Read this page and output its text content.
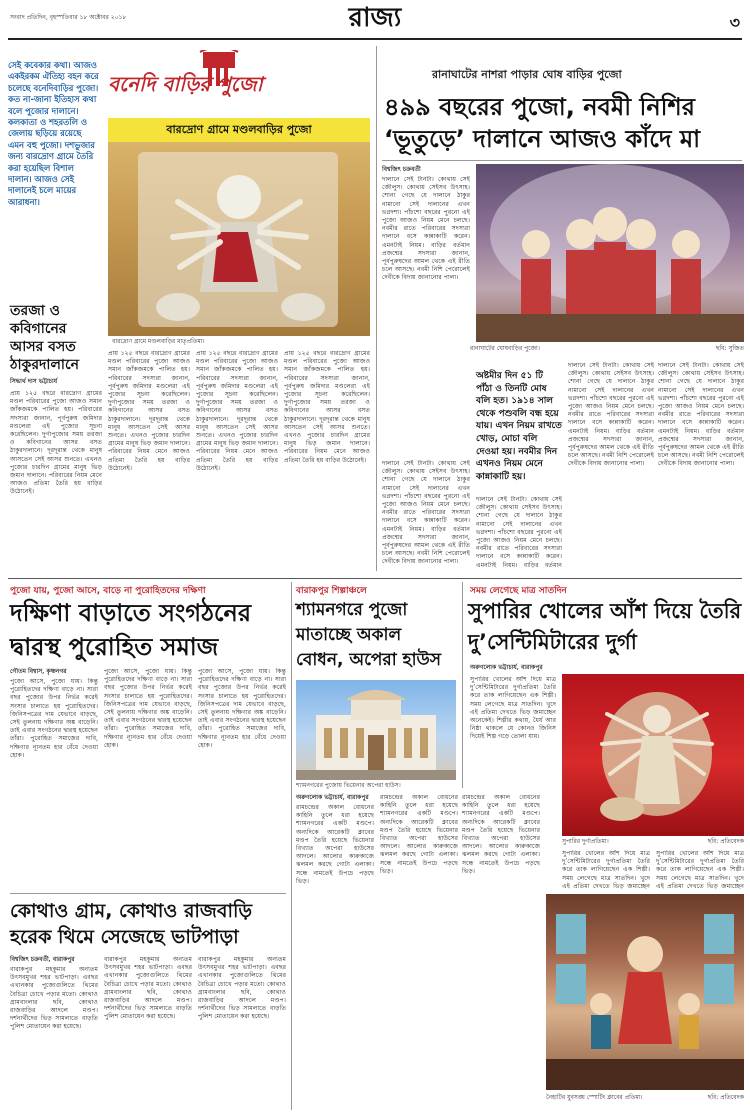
সংবাদ প্রতিদিন, বৃহস্পতিবার ১৮ অক্টোবর ২০১৮	রাজ্য	৩
বনেদি বাড়ির পুজো
সেই কবেকার কথা। আজও একইরকম ঐতিহ্য বহন করে চলেছে বনেদিবাড়ির পুজো। কত না-জানা ইতিহাস কথা বলে পুজোর দালানে। কলকাতা ও শহরতলি ও জেলায় ছড়িয়ে রয়েছে এমন বহু পুজো। দশভুজার জন্য বারদ্রোণ গ্রামে তৈরি করা হয়েছিল বিশাল দালান। আজও সেই দালানেই চলে মায়ের আরাধনা।
বারদ্রোণ গ্রামে মণ্ডলবাড়ির পুজো
বারদ্রোণ গ্রামে মণ্ডলবাড়ির মাতৃপ্রতিমা।
তরজা ও কবিগানের আসর বসত ঠাকুরদালানে
সিদ্ধার্থ দাস ভট্টাচার্য

প্রায় ১২৫ বছরে বারদ্রোণ গ্রামের মণ্ডল পরিবারের পুজো আজও সমান জাঁকজমকে পালিত হয়। পরিবারের সদস্যরা জানান, পূর্বপুরুষ জমিদার মণ্ডলেরা এই পুজোর সূচনা করেছিলেন। দুর্গাপুজোর সময় তরজা ও কবিগানের আসর বসত ঠাকুরদালানে। দূরদূরান্ত থেকে মানুষ আসতেন সেই আসর শুনতে। এখনও পুজোর চারদিন গ্রামের মানুষ ভিড় জমান দালানে। পরিবারের নিয়ম মেনে আজও প্রতিমা তৈরি হয় বাড়ির উঠোনেই।

প্রায় ১২৫ বছরে বারদ্রোণ গ্রামের মণ্ডল পরিবারের পুজো আজও সমান জাঁকজমকে পালিত হয়। পরিবারের সদস্যরা জানান, পূর্বপুরুষ জমিদার মণ্ডলেরা এই পুজোর সূচনা করেছিলেন। দুর্গাপুজোর সময় তরজা ও কবিগানের আসর বসত ঠাকুরদালানে। দূরদূরান্ত থেকে মানুষ আসতেন সেই আসর শুনতে। এখনও পুজোর চারদিন গ্রামের মানুষ ভিড় জমান দালানে। পরিবারের নিয়ম মেনে আজও প্রতিমা তৈরি হয় বাড়ির উঠোনেই।

প্রায় ১২৫ বছরে বারদ্রোণ গ্রামের মণ্ডল পরিবারের পুজো আজও সমান জাঁকজমকে পালিত হয়। পরিবারের সদস্যরা জানান, পূর্বপুরুষ জমিদার মণ্ডলেরা এই পুজোর সূচনা করেছিলেন। দুর্গাপুজোর সময় তরজা ও কবিগানের আসর বসত ঠাকুরদালানে। দূরদূরান্ত থেকে মানুষ আসতেন সেই আসর শুনতে। এখনও পুজোর চারদিন গ্রামের মানুষ ভিড় জমান দালানে। পরিবারের নিয়ম মেনে আজও প্রতিমা তৈরি হয় বাড়ির উঠোনেই।

প্রায় ১২৫ বছরে বারদ্রোণ গ্রামের মণ্ডল পরিবারের পুজো আজও সমান জাঁকজমকে পালিত হয়। পরিবারের সদস্যরা জানান, পূর্বপুরুষ জমিদার মণ্ডলেরা এই পুজোর সূচনা করেছিলেন। দুর্গাপুজোর সময় তরজা ও কবিগানের আসর বসত ঠাকুরদালানে। দূরদূরান্ত থেকে মানুষ আসতেন সেই আসর শুনতে। এখনও পুজোর চারদিন গ্রামের মানুষ ভিড় জমান দালানে। পরিবারের নিয়ম মেনে আজও প্রতিমা তৈরি হয় বাড়ির উঠোনেই।

রানাঘাটের নাশরা পাড়ার ঘোষ বাড়ির পুজো
৪৯৯ বছরের পুজো, নবমী নিশির
‘ভূতুড়ে’ দালানে আজও কাঁদে মা
বিশ্বজিৎ চক্রবর্তী

দালানে সেই টানটা। কোথায় সেই জৌলুস। কোথায় সেইসব উৎসাহ। শোনা গেছে যে দালানে ঠাকুর নামানো সেই দালানের এখন ভগ্নদশা। পাঁচশো বছরের পুরনো এই পুজো আজও নিয়ম মেনে চলছে। নবমীর রাতে পরিবারের সদস্যরা দালানে বসে কান্নাকাটি করেন। এমনটাই নিয়ম। বাড়ির বর্তমান প্রজন্মের সদস্যরা জানান, পূর্বপুরুষদের আমল থেকে এই রীতি চলে আসছে। নবমী নিশি পেরোলেই দেবীকে বিদায় জানানোর পালা।

রানাঘাটের ঘোষবাড়ির পুজো।	ছবি: সুজিত
অষ্টমীর দিন ৫১ টি পাঁঠা ও তিনটি মোষ বলি হত। ১৯১৪ সাল থেকে পশুবলি বন্ধ হয়ে যায়। এখন নিয়ম রাখতে খোড়, মোচা বলি দেওয়া হয়। নবমীর দিন এখনও নিয়ম মেনে কান্নাকাটি হয়।

দালানে সেই টানটা। কোথায় সেই জৌলুস। কোথায় সেইসব উৎসাহ। শোনা গেছে যে দালানে ঠাকুর নামানো সেই দালানের এখন ভগ্নদশা। পাঁচশো বছরের পুরনো এই পুজো আজও নিয়ম মেনে চলছে। নবমীর রাতে পরিবারের সদস্যরা দালানে বসে কান্নাকাটি করেন। এমনটাই নিয়ম। বাড়ির বর্তমান প্রজন্মের সদস্যরা জানান, পূর্বপুরুষদের আমল থেকে এই রীতি চলে আসছে। নবমী নিশি পেরোলেই দেবীকে বিদায় জানানোর পালা।

দালানে সেই টানটা। কোথায় সেই জৌলুস। কোথায় সেইসব উৎসাহ। শোনা গেছে যে দালানে ঠাকুর নামানো সেই দালানের এখন ভগ্নদশা। পাঁচশো বছরের পুরনো এই পুজো আজও নিয়ম মেনে চলছে। নবমীর রাতে পরিবারের সদস্যরা দালানে বসে কান্নাকাটি করেন। এমনটাই নিয়ম। বাড়ির বর্তমান প্রজন্মের সদস্যরা জানান, পূর্বপুরুষদের আমল থেকে এই রীতি চলে আসছে। নবমী নিশি পেরোলেই দেবীকে বিদায় জানানোর পালা।

দালানে সেই টানটা। কোথায় সেই জৌলুস। কোথায় সেইসব উৎসাহ। শোনা গেছে যে দালানে ঠাকুর নামানো সেই দালানের এখন ভগ্নদশা। পাঁচশো বছরের পুরনো এই পুজো আজও নিয়ম মেনে চলছে। নবমীর রাতে পরিবারের সদস্যরা দালানে বসে কান্নাকাটি করেন। এমনটাই নিয়ম। বাড়ির বর্তমান প্রজন্মের সদস্যরা জানান, পূর্বপুরুষদের আমল থেকে এই রীতি চলে আসছে। নবমী নিশি পেরোলেই দেবীকে বিদায় জানানোর পালা।

দালানে সেই টানটা। কোথায় সেই জৌলুস। কোথায় সেইসব উৎসাহ। শোনা গেছে যে দালানে ঠাকুর নামানো সেই দালানের এখন ভগ্নদশা। পাঁচশো বছরের পুরনো এই পুজো আজও নিয়ম মেনে চলছে। নবমীর রাতে পরিবারের সদস্যরা দালানে বসে কান্নাকাটি করেন। এমনটাই নিয়ম। বাড়ির বর্তমান

পুজো যায়, পুজো আসে, বাড়ে না পুরোহিতদের দক্ষিণা
দক্ষিণা বাড়াতে সংগঠনের দ্বারস্থ পুরোহিত সমাজ
গৌতম বিশ্বাস, কৃষ্ণনগর

পুজো আসে, পুজো যায়। কিন্তু পুরোহিতদের দক্ষিণা বাড়ে না। সারা বছর পুজোর উপর নির্ভর করেই সংসার চালাতে হয় পুরোহিতদের। জিনিসপত্রের দাম যেভাবে বাড়ছে, সেই তুলনায় দক্ষিণার অঙ্ক বাড়েনি। তাই এবার সংগঠনের দ্বারস্থ হয়েছেন তাঁরা। পুরোহিত সমাজের দাবি, দক্ষিণার ন্যূনতম হার বেঁধে দেওয়া হোক।

পুজো আসে, পুজো যায়। কিন্তু পুরোহিতদের দক্ষিণা বাড়ে না। সারা বছর পুজোর উপর নির্ভর করেই সংসার চালাতে হয় পুরোহিতদের। জিনিসপত্রের দাম যেভাবে বাড়ছে, সেই তুলনায় দক্ষিণার অঙ্ক বাড়েনি। তাই এবার সংগঠনের দ্বারস্থ হয়েছেন তাঁরা। পুরোহিত সমাজের দাবি, দক্ষিণার ন্যূনতম হার বেঁধে দেওয়া হোক।

পুজো আসে, পুজো যায়। কিন্তু পুরোহিতদের দক্ষিণা বাড়ে না। সারা বছর পুজোর উপর নির্ভর করেই সংসার চালাতে হয় পুরোহিতদের। জিনিসপত্রের দাম যেভাবে বাড়ছে, সেই তুলনায় দক্ষিণার অঙ্ক বাড়েনি। তাই এবার সংগঠনের দ্বারস্থ হয়েছেন তাঁরা। পুরোহিত সমাজের দাবি, দক্ষিণার ন্যূনতম হার বেঁধে দেওয়া হোক।

কোথাও গ্রাম, কোথাও রাজবাড়ি হরেক থিমে সেজেছে ভাটপাড়া
বিশ্বজিৎ চক্রবর্তী, বারাকপুর

বারাকপুর মহকুমার অন্যতম উৎসবমুখর শহর ভাটপাড়া। এবছর এখানকার পুজোগুলিতে থিমের বৈচিত্র্য চোখে পড়ার মতো। কোথাও গ্রামবাংলার ছবি, কোথাও রাজবাড়ির আদলে মণ্ডপ। দর্শনার্থীদের ভিড় সামলাতে বাড়তি পুলিশ মোতায়েন করা হয়েছে।

বারাকপুর মহকুমার অন্যতম উৎসবমুখর শহর ভাটপাড়া। এবছর এখানকার পুজোগুলিতে থিমের বৈচিত্র্য চোখে পড়ার মতো। কোথাও গ্রামবাংলার ছবি, কোথাও রাজবাড়ির আদলে মণ্ডপ। দর্শনার্থীদের ভিড় সামলাতে বাড়তি পুলিশ মোতায়েন করা হয়েছে।

বারাকপুর মহকুমার অন্যতম উৎসবমুখর শহর ভাটপাড়া। এবছর এখানকার পুজোগুলিতে থিমের বৈচিত্র্য চোখে পড়ার মতো। কোথাও গ্রামবাংলার ছবি, কোথাও রাজবাড়ির আদলে মণ্ডপ। দর্শনার্থীদের ভিড় সামলাতে বাড়তি পুলিশ মোতায়েন করা হয়েছে।

বারাকপুর শিল্পাঞ্চলে
শ্যামনগরে পুজো মাতাচ্ছে অকাল বোধন, অপেরা হাউস
শ্যামনগরের পুজোয় ভিয়েনার অপেরা হাউস।
অরুণলোক ভট্টাচার্য, বারাকপুর

রামচন্দ্রের অকাল বোধনের কাহিনি তুলে ধরা হয়েছে শ্যামনগরের একটি মণ্ডপে। অন্যদিকে আরেকটি ক্লাবের মণ্ডপ তৈরি হয়েছে ভিয়েনার বিখ্যাত অপেরা হাউসের আদলে। আলোর কারুকাজে ঝলমল করছে গোটা এলাকা। সন্ধে নামতেই উপচে পড়ছে ভিড়।

রামচন্দ্রের অকাল বোধনের কাহিনি তুলে ধরা হয়েছে শ্যামনগরের একটি মণ্ডপে। অন্যদিকে আরেকটি ক্লাবের মণ্ডপ তৈরি হয়েছে ভিয়েনার বিখ্যাত অপেরা হাউসের আদলে। আলোর কারুকাজে ঝলমল করছে গোটা এলাকা। সন্ধে নামতেই উপচে পড়ছে ভিড়।

রামচন্দ্রের অকাল বোধনের কাহিনি তুলে ধরা হয়েছে শ্যামনগরের একটি মণ্ডপে। অন্যদিকে আরেকটি ক্লাবের মণ্ডপ তৈরি হয়েছে ভিয়েনার বিখ্যাত অপেরা হাউসের আদলে। আলোর কারুকাজে ঝলমল করছে গোটা এলাকা। সন্ধে নামতেই উপচে পড়ছে ভিড়।

সময় লেগেছে মাত্র সাতদিন
সুপারির খোলের আঁশ দিয়ে তৈরি দু’সেন্টিমিটারের দুর্গা
অরুণলোক ভট্টাচার্য, বারাকপুর

সুপারির খোলের আঁশ দিয়ে মাত্র দু’সেন্টিমিটারের দুর্গাপ্রতিমা তৈরি করে তাক লাগিয়েছেন এক শিল্পী। সময় লেগেছে মাত্র সাতদিন। খুদে এই প্রতিমা দেখতে ভিড় জমাচ্ছেন অনেকেই। শিল্পীর কথায়, ধৈর্য আর নিষ্ঠা থাকলে যে কোনও জিনিস দিয়েই শিল্প গড়ে তোলা যায়।

সুপারির দুর্গাপ্রতিমা।	ছবি: প্রতিবেদক

সুপারির খোলের আঁশ দিয়ে মাত্র দু’সেন্টিমিটারের দুর্গাপ্রতিমা তৈরি করে তাক লাগিয়েছেন এক শিল্পী। সময় লেগেছে মাত্র সাতদিন। খুদে এই প্রতিমা দেখতে ভিড় জমাচ্ছেন

সুপারির খোলের আঁশ দিয়ে মাত্র দু’সেন্টিমিটারের দুর্গাপ্রতিমা তৈরি করে তাক লাগিয়েছেন এক শিল্পী। সময় লেগেছে মাত্র সাতদিন। খুদে এই প্রতিমা দেখতে ভিড় জমাচ্ছেন

নৈহাটির যুবসঙ্ঘ স্পোর্টিং ক্লাবের প্রতিমা।	ছবি: প্রতিবেদক
